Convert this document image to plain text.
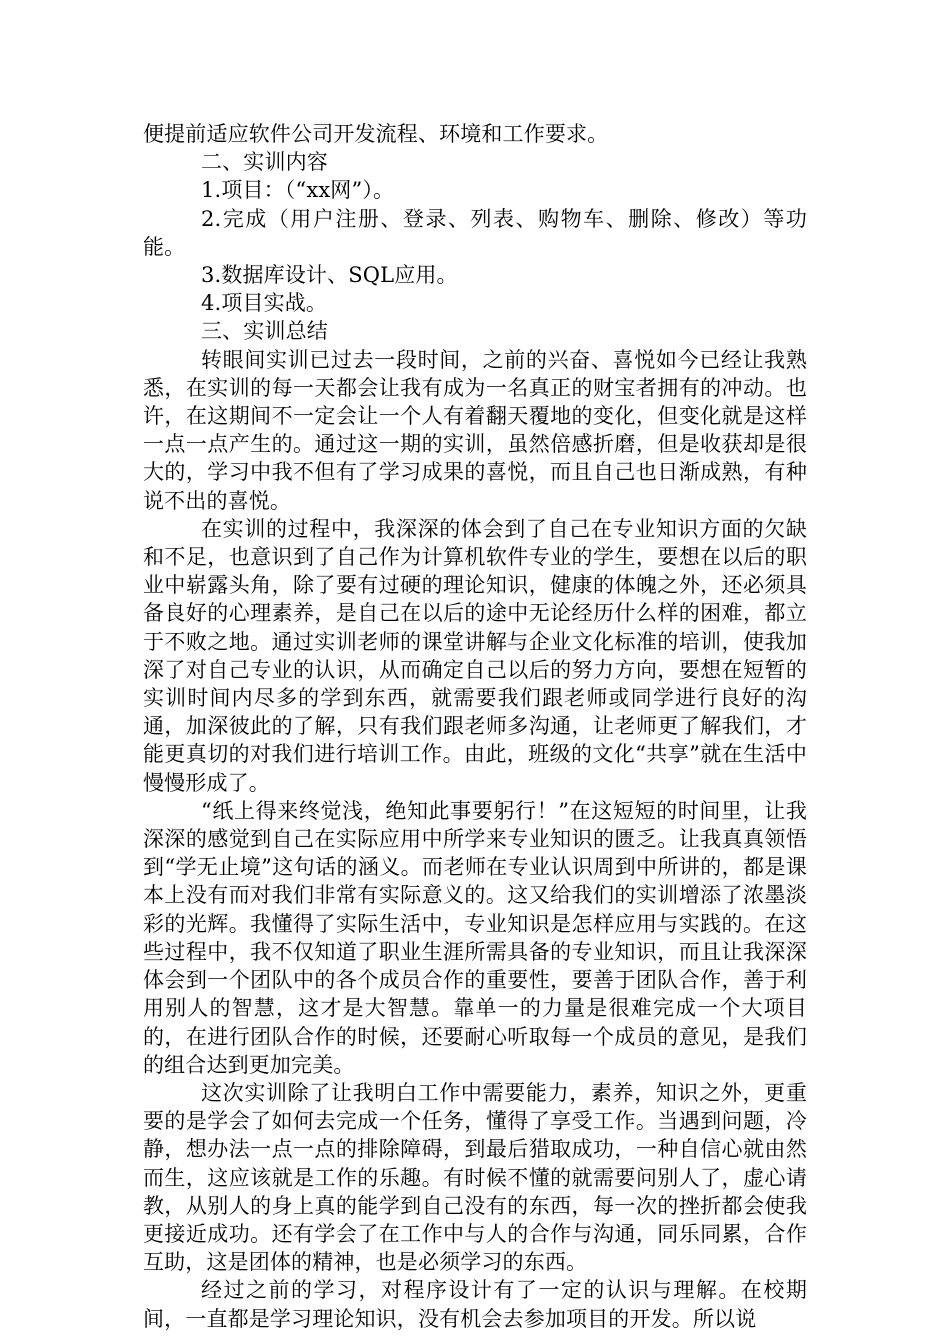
便提前适应软件公司开发流程、环境和工作要求。

二、实训内容

1.项目：（“xx网”）。

2.完成（用户注册、登录、列表、购物车、删除、修改）等功能。

3.数据库设计、SQL应用。

4.项目实战。

三、实训总结

转眼间实训已过去一段时间，之前的兴奋、喜悦如今已经让我熟悉，在实训的每一天都会让我有成为一名真正的财宝者拥有的冲动。也许，在这期间不一定会让一个人有着翻天覆地的变化，但变化就是这样一点一点产生的。通过这一期的实训，虽然倍感折磨，但是收获却是很大的，学习中我不但有了学习成果的喜悦，而且自己也日渐成熟，有种说不出的喜悦。

在实训的过程中，我深深的体会到了自己在专业知识方面的欠缺和不足，也意识到了自己作为计算机软件专业的学生，要想在以后的职业中崭露头角，除了要有过硬的理论知识，健康的体魄之外，还必须具备良好的心理素养，是自己在以后的途中无论经历什么样的困难，都立于不败之地。通过实训老师的课堂讲解与企业文化标准的培训，使我加深了对自己专业的认识，从而确定自己以后的努力方向，要想在短暂的实训时间内尽多的学到东西，就需要我们跟老师或同学进行良好的沟通，加深彼此的了解，只有我们跟老师多沟通，让老师更了解我们，才能更真切的对我们进行培训工作。由此，班级的文化“共享”就在生活中慢慢形成了。

“纸上得来终觉浅，绝知此事要躬行！”在这短短的时间里，让我深深的感觉到自己在实际应用中所学来专业知识的匮乏。让我真真领悟到“学无止境”这句话的涵义。而老师在专业认识周到中所讲的，都是课本上没有而对我们非常有实际意义的。这又给我们的实训增添了浓墨淡彩的光辉。我懂得了实际生活中，专业知识是怎样应用与实践的。在这些过程中，我不仅知道了职业生涯所需具备的专业知识，而且让我深深体会到一个团队中的各个成员合作的重要性，要善于团队合作，善于利用别人的智慧，这才是大智慧。靠单一的力量是很难完成一个大项目的，在进行团队合作的时候，还要耐心听取每一个成员的意见，是我们的组合达到更加完美。

这次实训除了让我明白工作中需要能力，素养，知识之外，更重要的是学会了如何去完成一个任务，懂得了享受工作。当遇到问题，冷静，想办法一点一点的排除障碍，到最后猎取成功，一种自信心就由然而生，这应该就是工作的乐趣。有时候不懂的就需要问别人了，虚心请教，从别人的身上真的能学到自己没有的东西，每一次的挫折都会使我更接近成功。还有学会了在工作中与人的合作与沟通，同乐同累，合作互助，这是团体的精神，也是必须学习的东西。

经过之前的学习，对程序设计有了一定的认识与理解。在校期间，一直都是学习理论知识，没有机会去参加项目的开发。所以说
